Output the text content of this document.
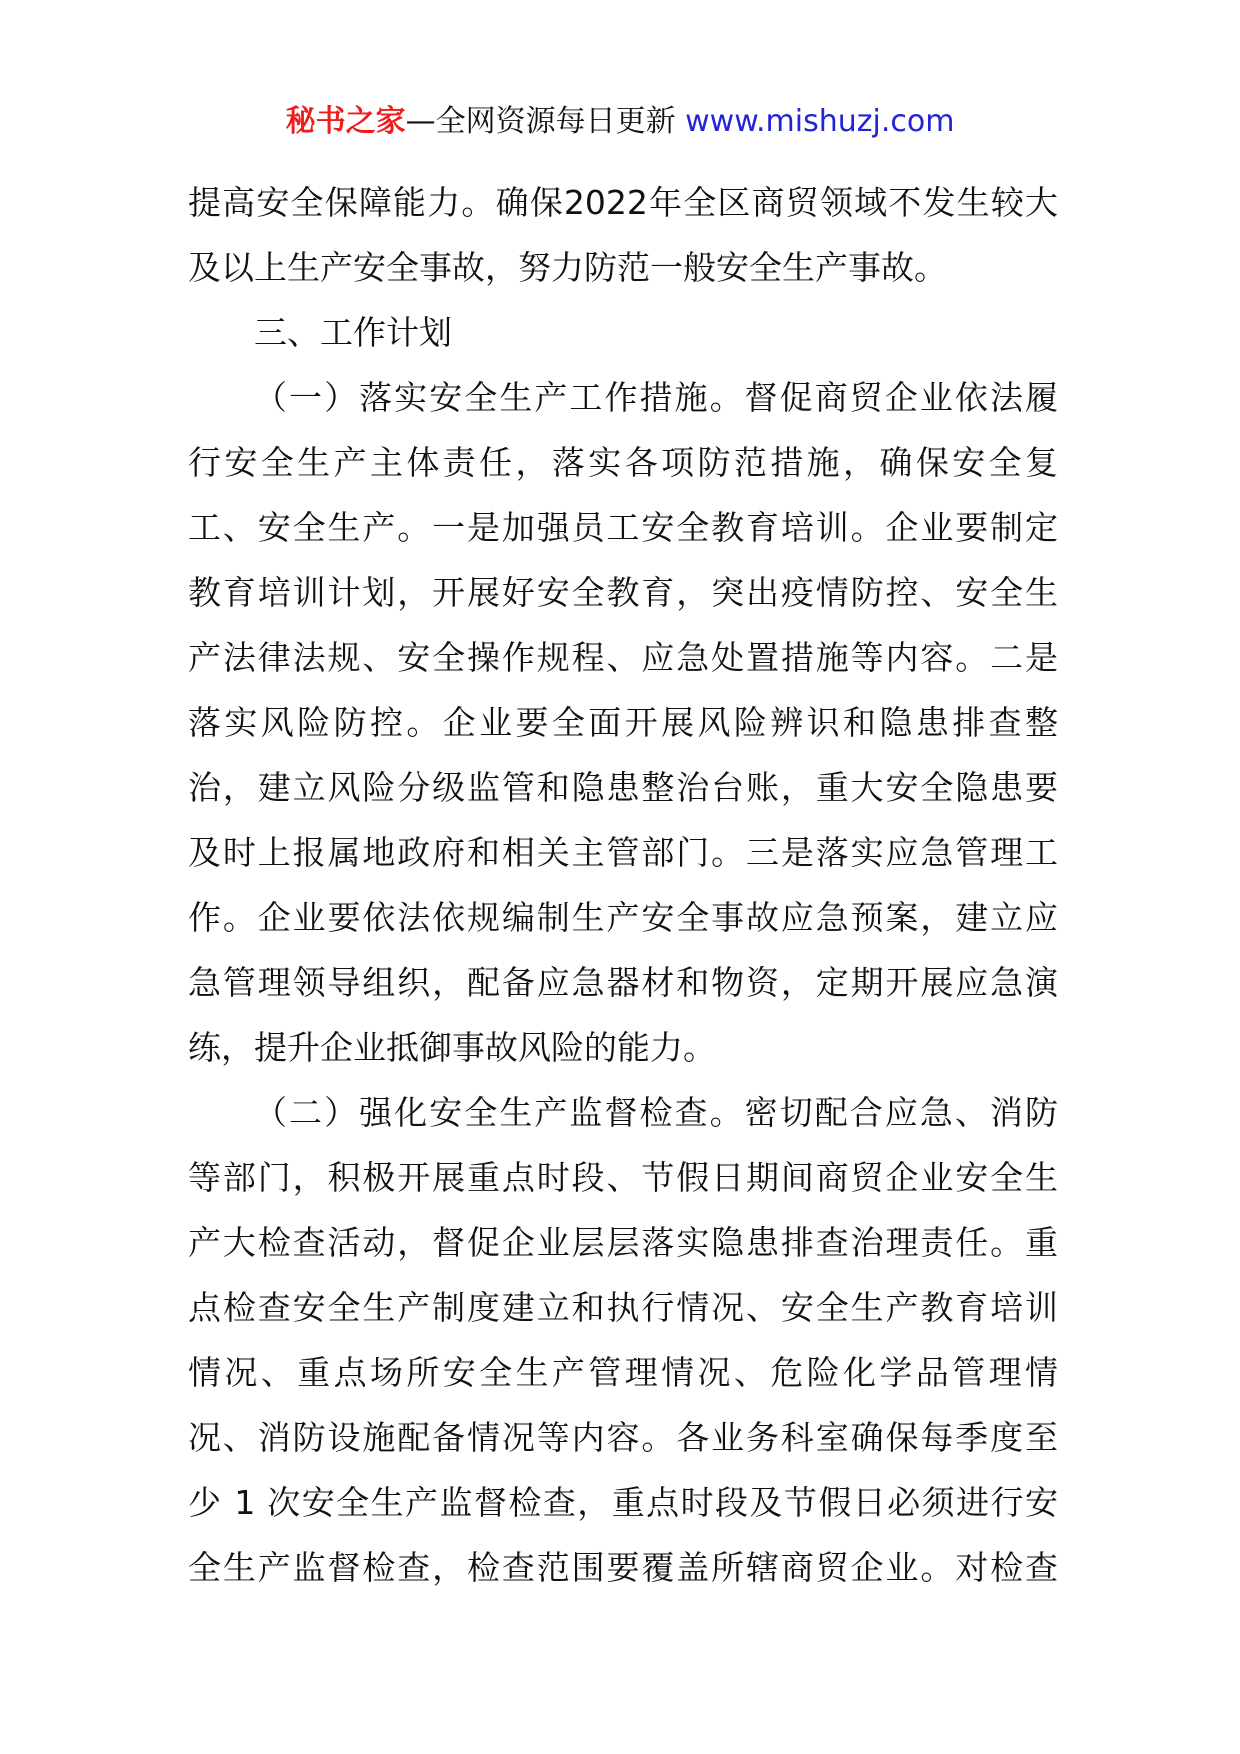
秘书之家—全网资源每日更新 www.mishuzj.com
提高安全保障能力。确保2022年全区商贸领域不发生较大
及以上生产安全事故，努力防范一般安全生产事故。
三、工作计划
（一）落实安全生产工作措施。督促商贸企业依法履
行安全生产主体责任，落实各项防范措施，确保安全复
工、安全生产。一是加强员工安全教育培训。企业要制定
教育培训计划，开展好安全教育，突出疫情防控、安全生
产法律法规、安全操作规程、应急处置措施等内容。二是
落实风险防控。企业要全面开展风险辨识和隐患排查整
治，建立风险分级监管和隐患整治台账，重大安全隐患要
及时上报属地政府和相关主管部门。三是落实应急管理工
作。企业要依法依规编制生产安全事故应急预案，建立应
急管理领导组织，配备应急器材和物资，定期开展应急演
练，提升企业抵御事故风险的能力。
（二）强化安全生产监督检查。密切配合应急、消防
等部门，积极开展重点时段、节假日期间商贸企业安全生
产大检查活动，督促企业层层落实隐患排查治理责任。重
点检查安全生产制度建立和执行情况、安全生产教育培训
情况、重点场所安全生产管理情况、危险化学品管理情
况、消防设施配备情况等内容。各业务科室确保每季度至
少 1 次安全生产监督检查，重点时段及节假日必须进行安
全生产监督检查，检查范围要覆盖所辖商贸企业。对检查
